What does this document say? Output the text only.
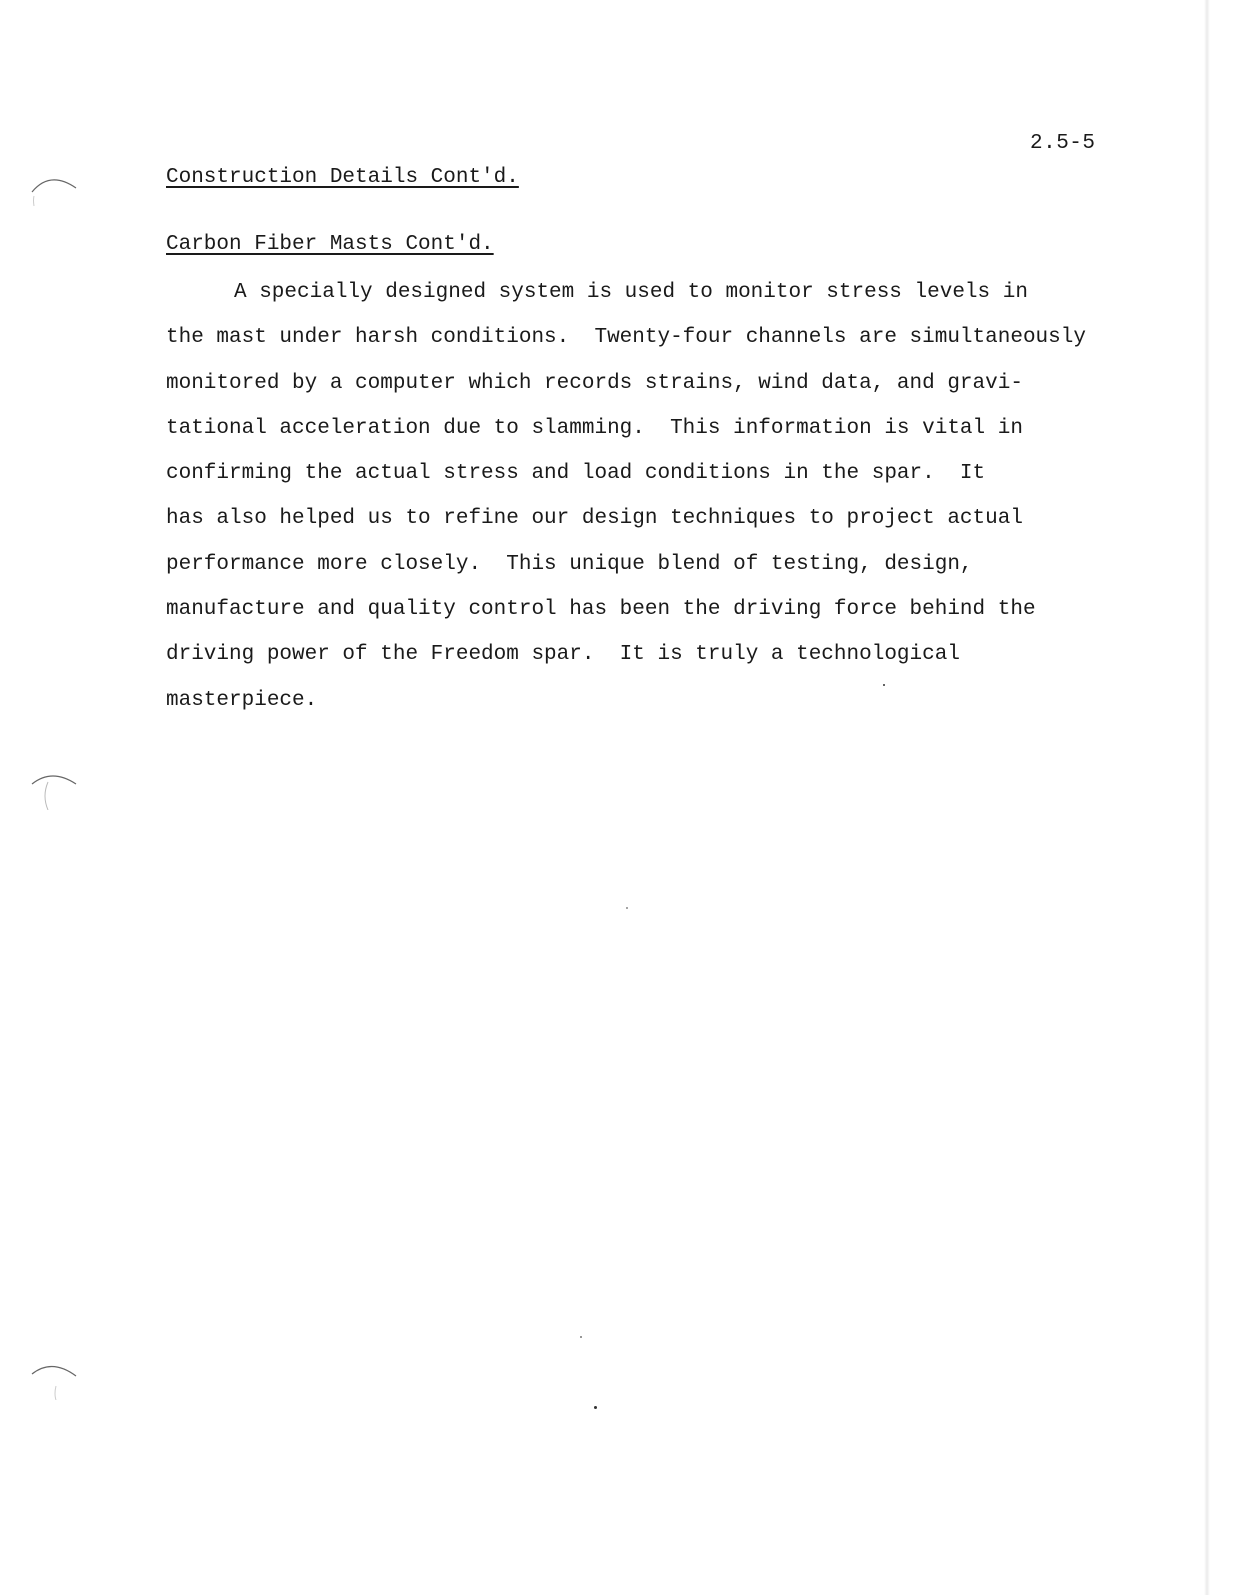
2.5-5
Construction Details Cont'd.
Carbon Fiber Masts Cont'd.
A specially designed system is used to monitor stress levels in
the mast under harsh conditions.  Twenty-four channels are simultaneously
monitored by a computer which records strains, wind data, and gravi-
tational acceleration due to slamming.  This information is vital in
confirming the actual stress and load conditions in the spar.  It
has also helped us to refine our design techniques to project actual
performance more closely.  This unique blend of testing, design,
manufacture and quality control has been the driving force behind the
driving power of the Freedom spar.  It is truly a technological
masterpiece.
